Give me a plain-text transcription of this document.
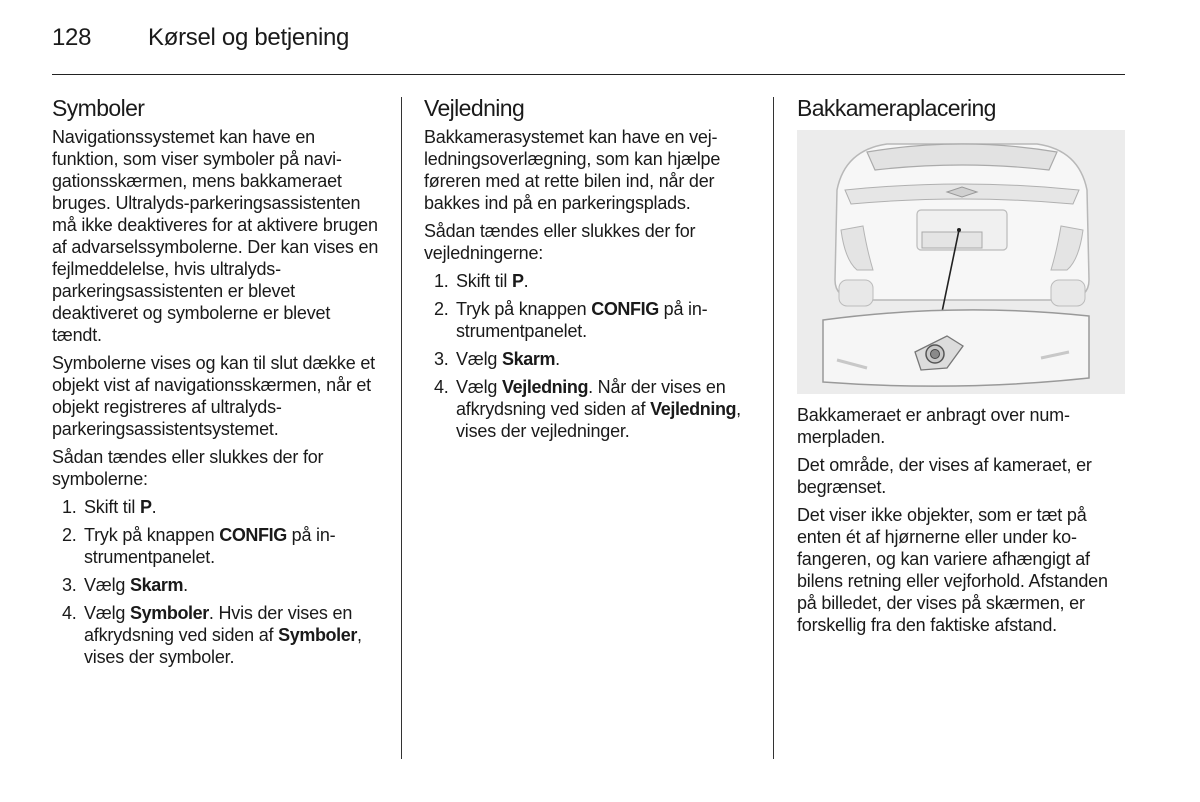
128 Kørsel og betjening
Symboler

Navigationssystemet kan have en funktion, som viser symboler på navigationsskærmen, mens bakkameraet bruges. Ultralyds-parkeringsassistenten må ikke deaktiveres for at aktivere brugen af advarselssymbolerne. Der kan vises en fejlmeddelelse, hvis ultralyds-parkeringsassistenten er blevet deaktiveret og symbolerne er blevet tændt.

Symbolerne vises og kan til slut dække et objekt vist af navigationsskærmen, når et objekt registreres af ultralyds-parkeringsassistentsystemet.

Sådan tændes eller slukkes der for symbolerne:

1. Skift til P.
2. Tryk på knappen CONFIG på instrumentpanelet.
3. Vælg Skarm.
4. Vælg Symboler. Hvis der vises en afkrydsning ved siden af Symboler, vises der symboler.
Vejledning

Bakkamerasystemet kan have en vejledningsoverlægning, som kan hjælpe føreren med at rette bilen ind, når der bakkes ind på en parkeringsplads.

Sådan tændes eller slukkes der for vejledningerne:

1. Skift til P.
2. Tryk på knappen CONFIG på instrumentpanelet.
3. Vælg Skarm.
4. Vælg Vejledning. Når der vises en afkrydsning ved siden af Vejledning, vises der vejledninger.
Bakkameraplacering

Bakkameraet er anbragt over nummerpladen.

Det område, der vises af kameraet, er begrænset.

Det viser ikke objekter, som er tæt på enten ét af hjørnerne eller under kofangeren, og kan variere afhængigt af bilens retning eller vejforhold. Afstanden på billedet, der vises på skærmen, er forskellig fra den faktiske afstand.
